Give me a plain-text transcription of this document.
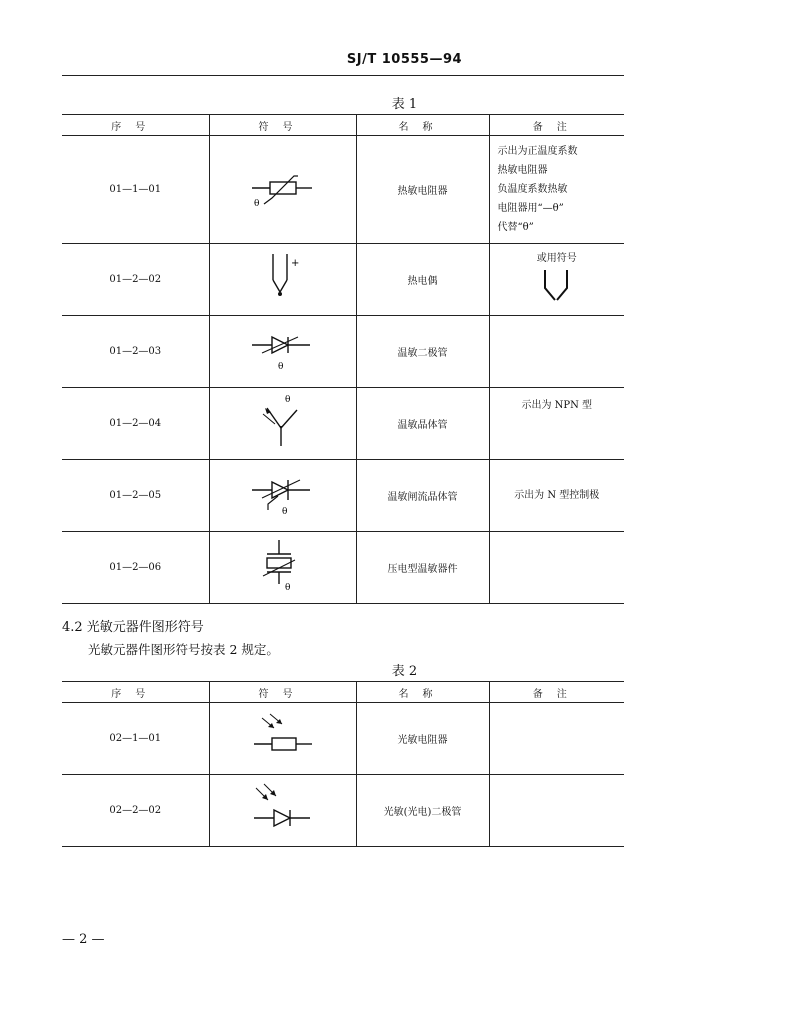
SJ/T 10555—94
表 1
序号	符号	名称	备注
01—1—01	θ	热敏电阻器	示出为正温度系数
热敏电阻器
负温度系数热敏
电阻器用“—θ”
代替“θ”

01—2—02	+	热电偶	或用符号

01—2—03	θ	温敏二极管	
01—2—04	θ	温敏晶体管	示出为 NPN 型

01—2—05	θ	温敏闸流晶体管	示出为 N 型控制极

01—2—06	θ	压电型温敏器件	
4.2 光敏元器件图形符号
光敏元器件图形符号按表 2 规定。
表 2
序号	符号	名称	备注
02—1—01		光敏电阻器	
02—2—02		光敏(光电)二极管	
— 2 —
